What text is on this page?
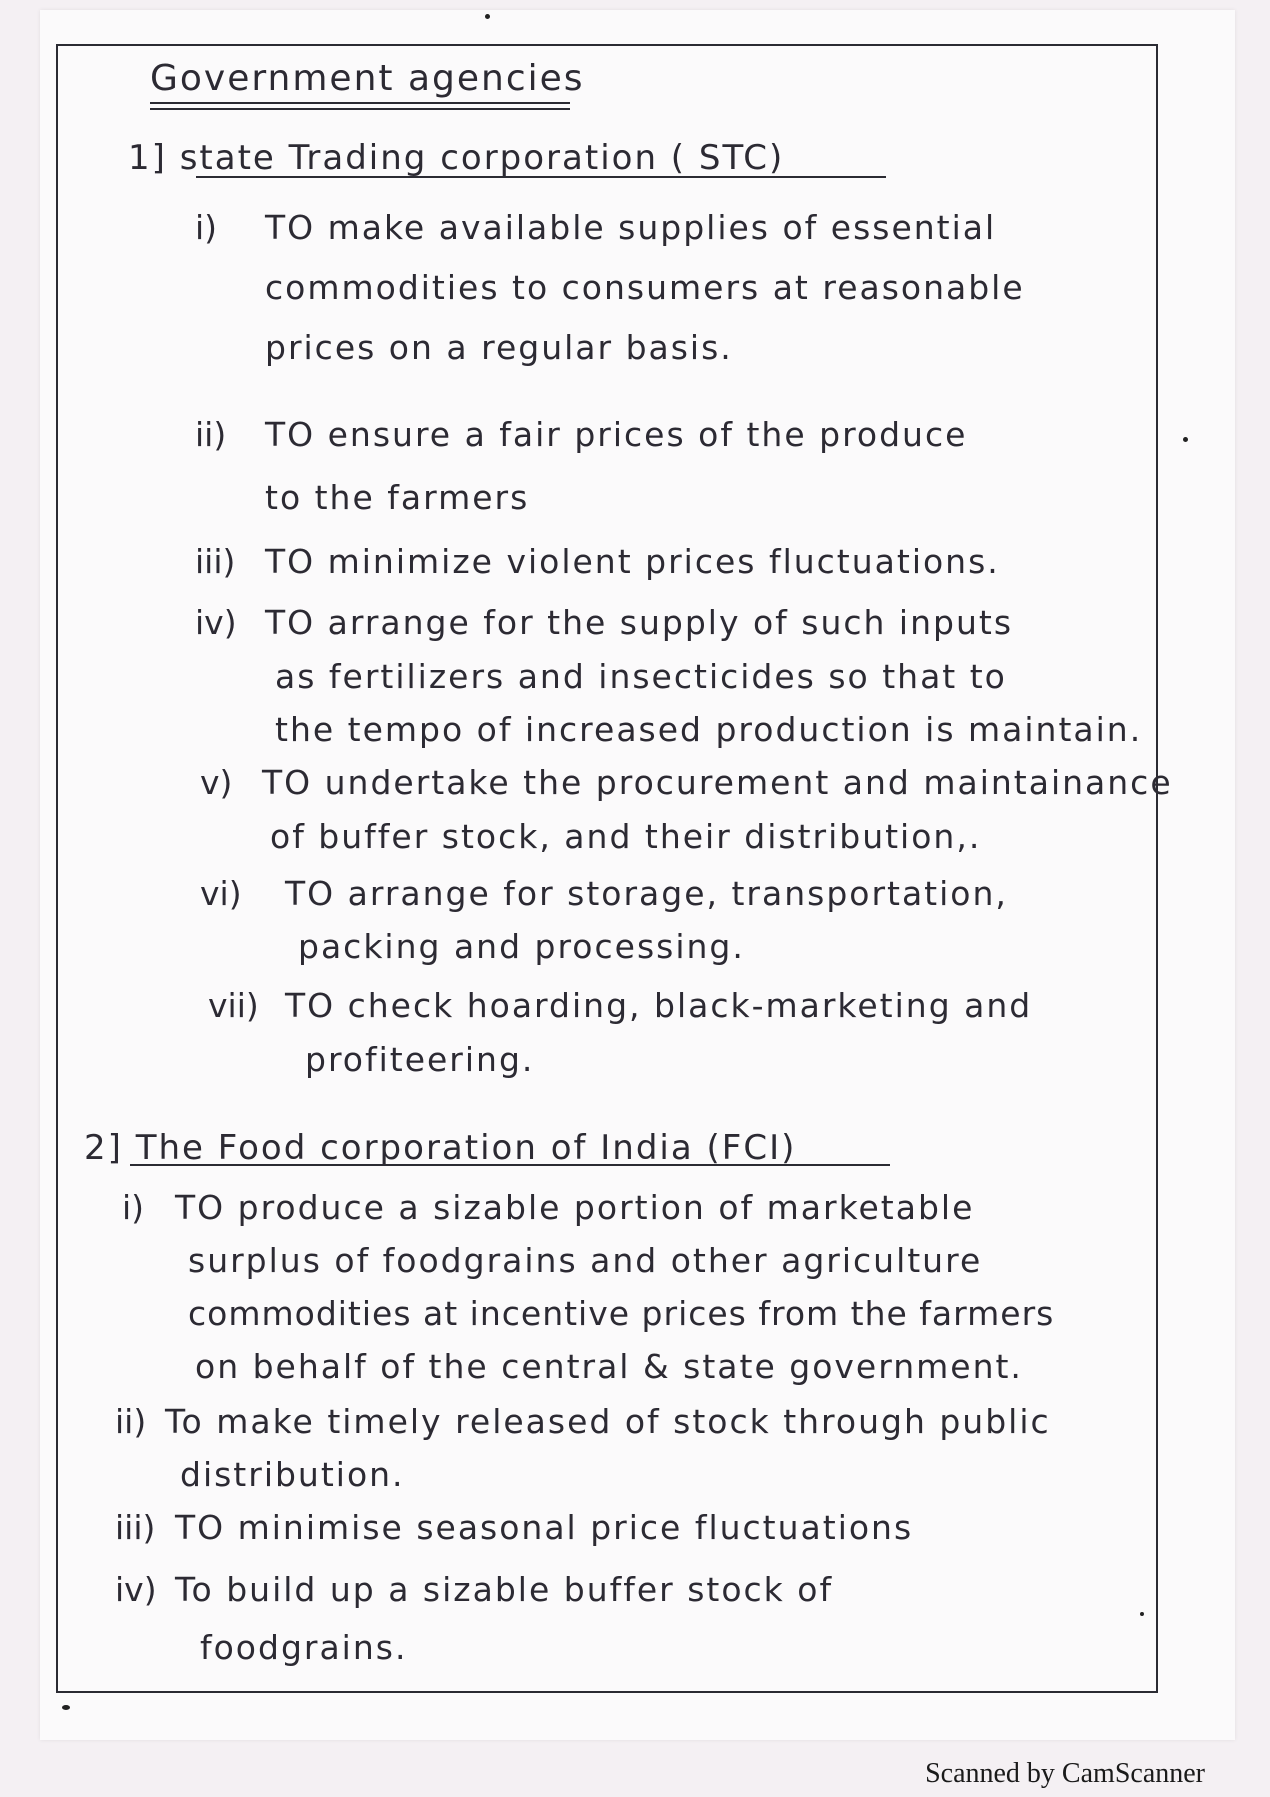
Government agencies
1] state Trading corporation ( STC)
i) TO make available supplies of essential
commodities to consumers at reasonable
prices on a regular basis.
ii) TO ensure a fair prices of the produce
to the farmers
iii) TO minimize violent prices fluctuations.
iv) TO arrange for the supply of such inputs
as fertilizers and insecticides so that to
the tempo of increased production is maintain.
v) TO undertake the procurement and maintainance
of buffer stock, and their distribution,.
vi) TO arrange for storage, transportation,
packing and processing.
vii) TO check hoarding, black-marketing and
profiteering.
2] The Food corporation of India (FCI)
i) TO produce a sizable portion of marketable
surplus of foodgrains and other agriculture
commodities at incentive prices from the farmers
on behalf of the central & state government.
ii) To make timely released of stock through public
distribution.
iii) TO minimise seasonal price fluctuations
iv) To build up a sizable buffer stock of
foodgrains.
Scanned by CamScanner
